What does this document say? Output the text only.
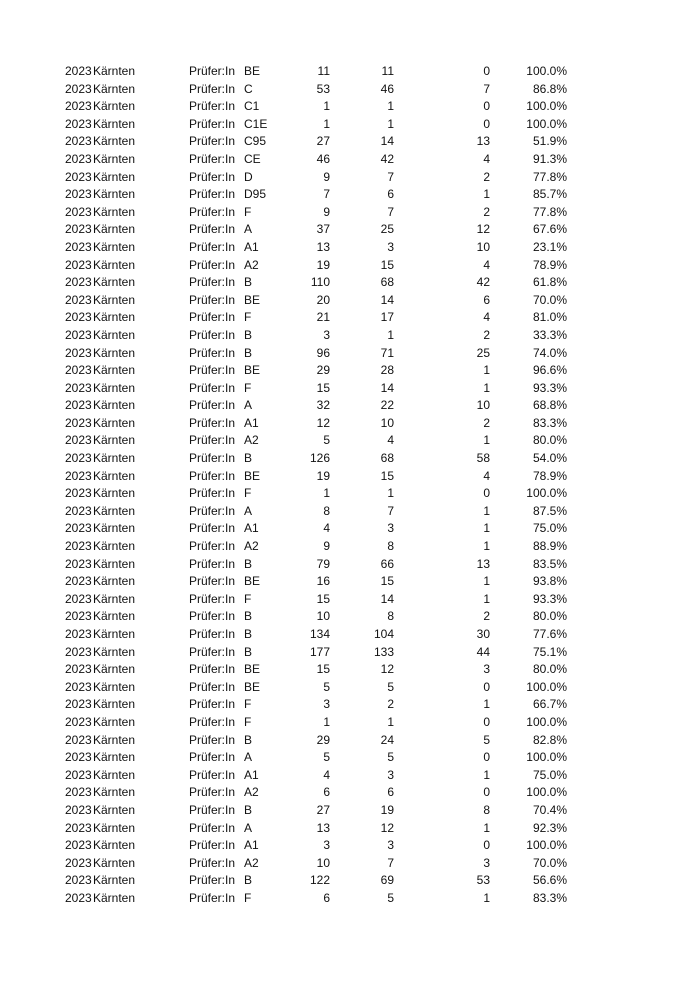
2023 Kärnten	Prüfer:In BE	11	11	0	100.0%
2023 Kärnten	Prüfer:In C	53	46	7	86.8%
2023 Kärnten	Prüfer:In C1	1	1	0	100.0%
2023 Kärnten	Prüfer:In C1E	1	1	0	100.0%
2023 Kärnten	Prüfer:In C95	27	14	13	51.9%
2023 Kärnten	Prüfer:In CE	46	42	4	91.3%
2023 Kärnten	Prüfer:In D	9	7	2	77.8%
2023 Kärnten	Prüfer:In D95	7	6	1	85.7%
2023 Kärnten	Prüfer:In F	9	7	2	77.8%
2023 Kärnten	Prüfer:In A	37	25	12	67.6%
2023 Kärnten	Prüfer:In A1	13	3	10	23.1%
2023 Kärnten	Prüfer:In A2	19	15	4	78.9%
2023 Kärnten	Prüfer:In B	110	68	42	61.8%
2023 Kärnten	Prüfer:In BE	20	14	6	70.0%
2023 Kärnten	Prüfer:In F	21	17	4	81.0%
2023 Kärnten	Prüfer:In B	3	1	2	33.3%
2023 Kärnten	Prüfer:In B	96	71	25	74.0%
2023 Kärnten	Prüfer:In BE	29	28	1	96.6%
2023 Kärnten	Prüfer:In F	15	14	1	93.3%
2023 Kärnten	Prüfer:In A	32	22	10	68.8%
2023 Kärnten	Prüfer:In A1	12	10	2	83.3%
2023 Kärnten	Prüfer:In A2	5	4	1	80.0%
2023 Kärnten	Prüfer:In B	126	68	58	54.0%
2023 Kärnten	Prüfer:In BE	19	15	4	78.9%
2023 Kärnten	Prüfer:In F	1	1	0	100.0%
2023 Kärnten	Prüfer:In A	8	7	1	87.5%
2023 Kärnten	Prüfer:In A1	4	3	1	75.0%
2023 Kärnten	Prüfer:In A2	9	8	1	88.9%
2023 Kärnten	Prüfer:In B	79	66	13	83.5%
2023 Kärnten	Prüfer:In BE	16	15	1	93.8%
2023 Kärnten	Prüfer:In F	15	14	1	93.3%
2023 Kärnten	Prüfer:In B	10	8	2	80.0%
2023 Kärnten	Prüfer:In B	134	104	30	77.6%
2023 Kärnten	Prüfer:In B	177	133	44	75.1%
2023 Kärnten	Prüfer:In BE	15	12	3	80.0%
2023 Kärnten	Prüfer:In BE	5	5	0	100.0%
2023 Kärnten	Prüfer:In F	3	2	1	66.7%
2023 Kärnten	Prüfer:In F	1	1	0	100.0%
2023 Kärnten	Prüfer:In B	29	24	5	82.8%
2023 Kärnten	Prüfer:In A	5	5	0	100.0%
2023 Kärnten	Prüfer:In A1	4	3	1	75.0%
2023 Kärnten	Prüfer:In A2	6	6	0	100.0%
2023 Kärnten	Prüfer:In B	27	19	8	70.4%
2023 Kärnten	Prüfer:In A	13	12	1	92.3%
2023 Kärnten	Prüfer:In A1	3	3	0	100.0%
2023 Kärnten	Prüfer:In A2	10	7	3	70.0%
2023 Kärnten	Prüfer:In B	122	69	53	56.6%
2023 Kärnten	Prüfer:In F	6	5	1	83.3%
